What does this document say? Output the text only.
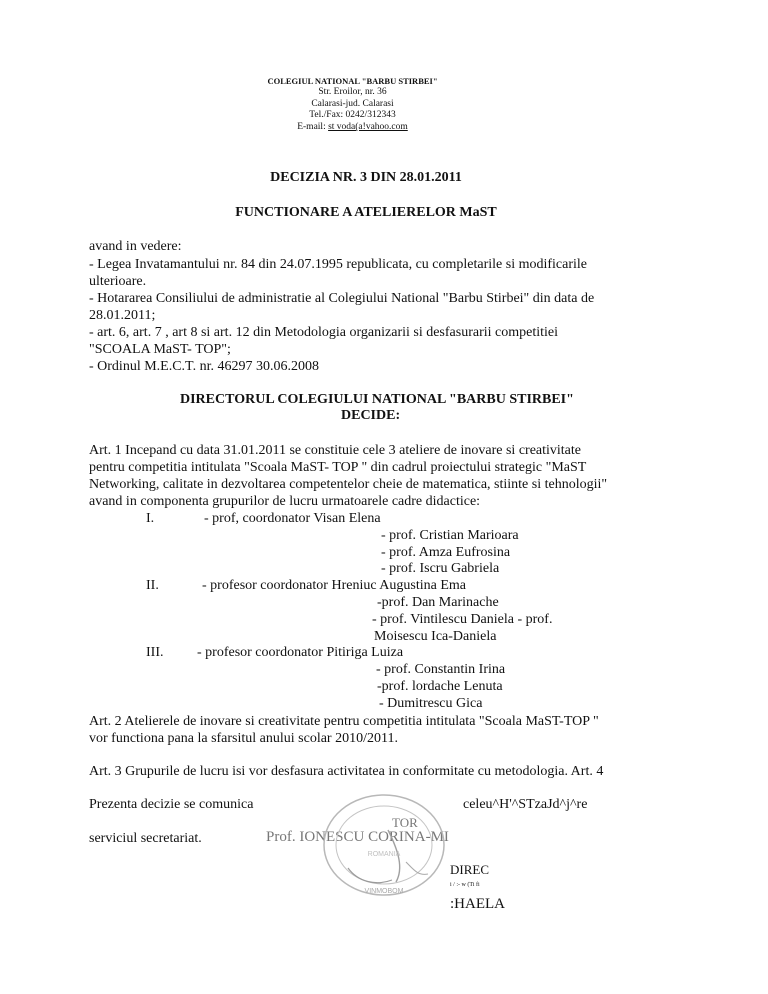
COLEGIUL NATIONAL "BARBU STIRBEI"
Str. Eroilor, nr. 36
Calarasi-jud. Calarasi
Tel./Fax: 0242/312343
E-mail: st voda(a!vahoo.com
DECIZIA NR. 3 DIN 28.01.2011
FUNCTIONARE A ATELIERELOR MaST
avand in vedere:
- Legea Invatamantului nr. 84 din 24.07.1995 republicata, cu completarile si modificarile
ulterioare.
- Hotararea Consiliului de administratie al Colegiului National "Barbu Stirbei" din data de
28.01.2011;
- art. 6, art. 7 , art 8 si art. 12 din Metodologia organizarii si desfasurarii competitiei
"SCOALA MaST- TOP";
- Ordinul M.E.C.T. nr. 46297 30.06.2008
DIRECTORUL COLEGIULUI NATIONAL "BARBU STIRBEI"
DECIDE:
Art. 1 Incepand cu data 31.01.2011 se constituie cele 3 ateliere de inovare si creativitate
pentru competitia intitulata "Scoala MaST- TOP " din cadrul proiectului strategic "MaST
Networking, calitate in dezvoltarea competentelor cheie de matematica, stiinte si tehnologii"
avand in componenta grupurilor de lucru urmatoarele cadre didactice:
I.	- prof, coordonator Visan Elena
- prof. Cristian Marioara
- prof. Amza Eufrosina
- prof. Iscru Gabriela
II.	- profesor coordonator Hreniuc Augustina Ema
-prof. Dan Marinache
- prof. Vintilescu Daniela - prof.
Moisescu Ica-Daniela
III. - profesor coordonator Pitiriga Luiza
- prof. Constantin Irina
-prof. lordache Lenuta
- Dumitrescu Gica
Art. 2 Atelierele de inovare si creativitate pentru competitia intitulata "Scoala MaST-TOP "
vor functiona pana la sfarsitul anului scolar 2010/2011.
Art. 3 Grupurile de lucru isi vor desfasura activitatea in conformitate cu metodologia. Art. 4
Prezenta decizie se comunica	celeu^H'^STzaJd^j^re
TOR
serviciul secretariat.	Prof. IONESCU CORINA-MI
ROMANIA
VINMOBOM
DIREC
i / :- w (Ti fi
:HAELA
